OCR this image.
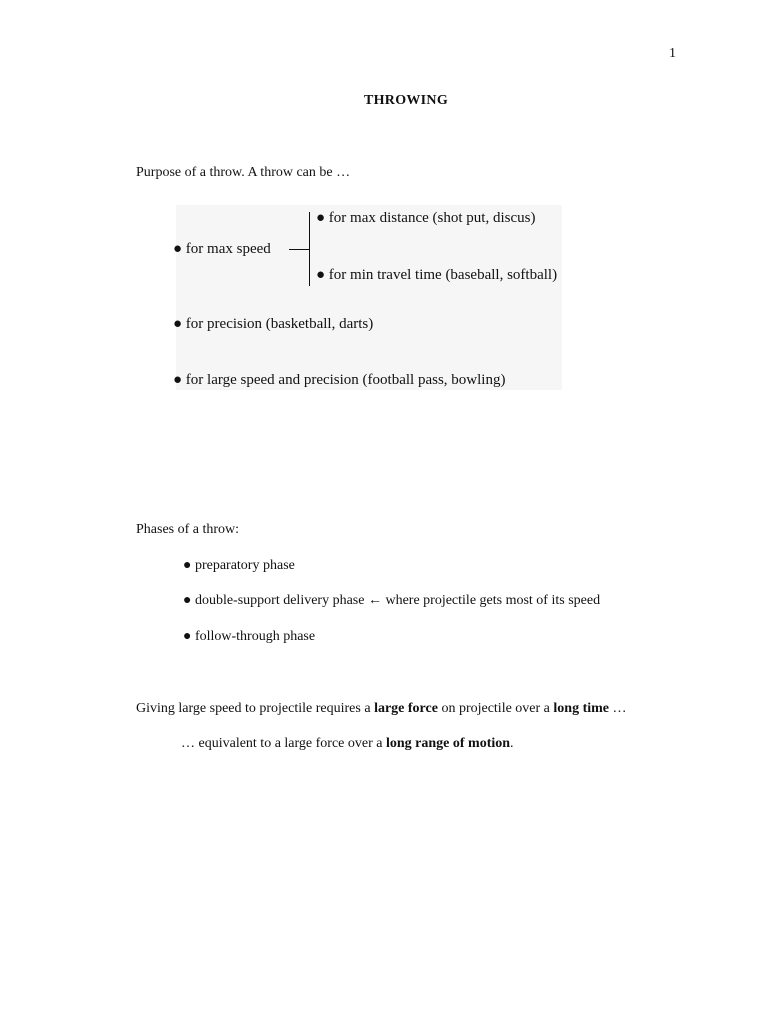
1
THROWING
Purpose of a throw. A throw can be …
● for max speed
● for max distance (shot put, discus)
● for min travel time (baseball, softball)
● for precision (basketball, darts)
● for large speed and precision (football pass, bowling)
Phases of a throw:
● preparatory phase
● double-support delivery phase ← where projectile gets most of its speed
● follow-through phase
Giving large speed to projectile requires a large force on projectile over a long time …
… equivalent to a large force over a long range of motion.
